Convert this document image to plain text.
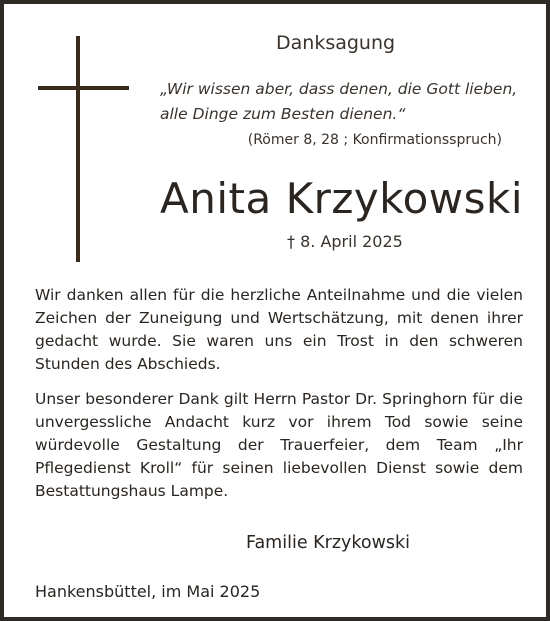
Danksagung
„Wir wissen aber, dass denen, die Gott lieben,
alle Dinge zum Besten dienen.“
(Römer 8, 28 ; Konfirmationsspruch)
Anita Krzykowski
† 8. April 2025
Wir danken allen für die herzliche Anteilnahme und die vielen Zeichen der Zuneigung und Wertschätzung, mit denen ihrer gedacht wurde. Sie waren uns ein Trost in den schweren Stunden des Abschieds.
Unser besonderer Dank gilt Herrn Pastor Dr. Springhorn für die unvergessliche Andacht kurz vor ihrem Tod sowie seine würdevolle Gestaltung der Trauerfeier, dem Team „Ihr Pflegedienst Kroll“ für seinen liebevollen Dienst sowie dem Bestattungshaus Lampe.
Familie Krzykowski
Hankensbüttel, im Mai 2025
